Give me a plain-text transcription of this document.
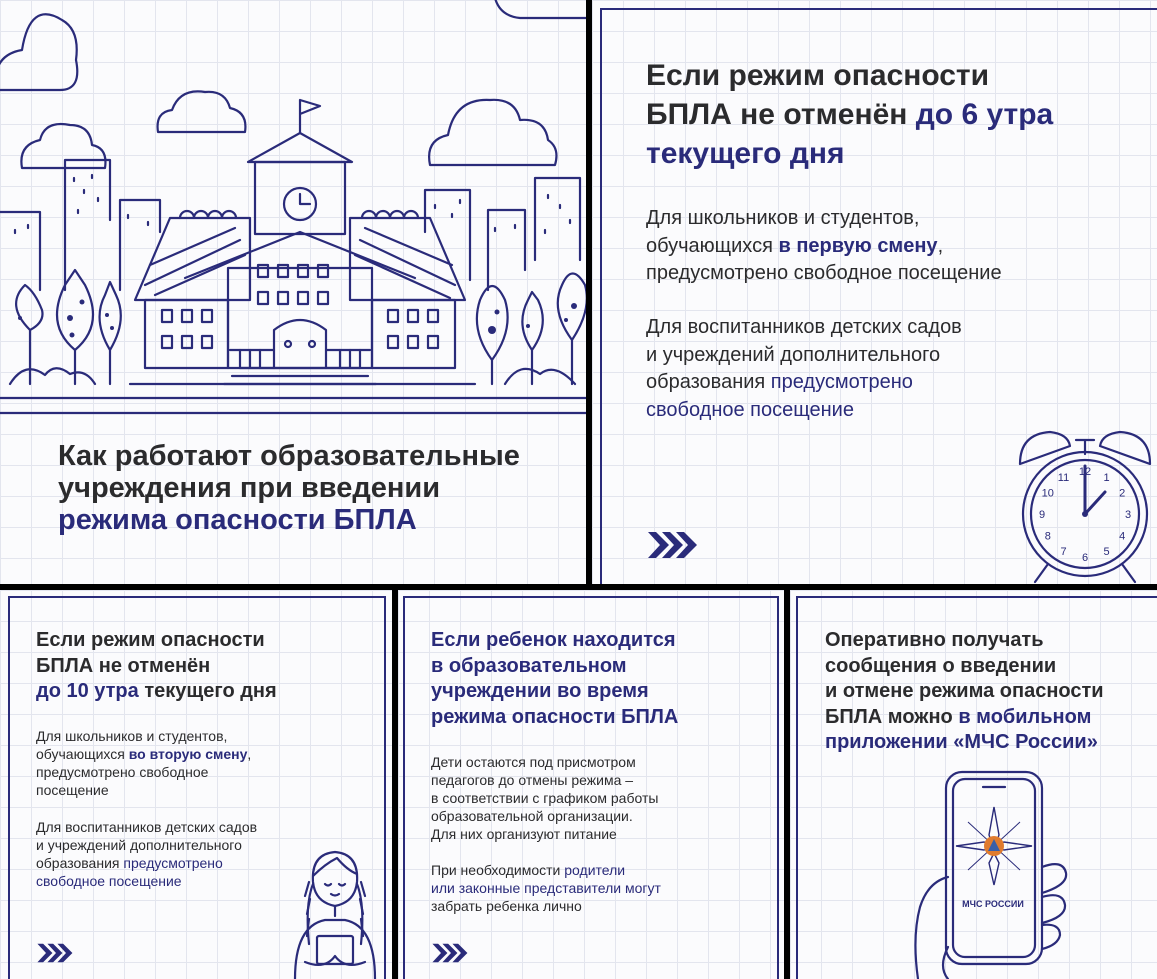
Как работают образовательные
учреждения при введении
режима опасности БПЛА
Если режим опасности
БПЛА не отменён до 6 утра
текущего дня
Для школьников и студентов,
обучающихся в первую смену,
предусмотрено свободное посещение
Для воспитанников детских садов
и учреждений дополнительного
образования предусмотрено
свободное посещение
12 1
2
3
4
5
6
7
8
9
10
11
Если режим опасности
БПЛА не отменён
до 10 утра текущего дня
Для школьников и студентов,
обучающихся во вторую смену,
предусмотрено свободное
посещение
Для воспитанников детских садов
и учреждений дополнительного
образования предусмотрено
свободное посещение
Если ребенок находится
в образовательном
учреждении во время
режима опасности БПЛА
Дети остаются под присмотром
педагогов до отмены режима –
в соответствии с графиком работы
образовательной организации.
Для них организуют питание
При необходимости родители
или законные представители могут
забрать ребенка лично
Оперативно получать
сообщения о введении
и отмене режима опасности
БПЛА можно в мобильном
приложении «МЧС России»
МЧС РОССИИ
